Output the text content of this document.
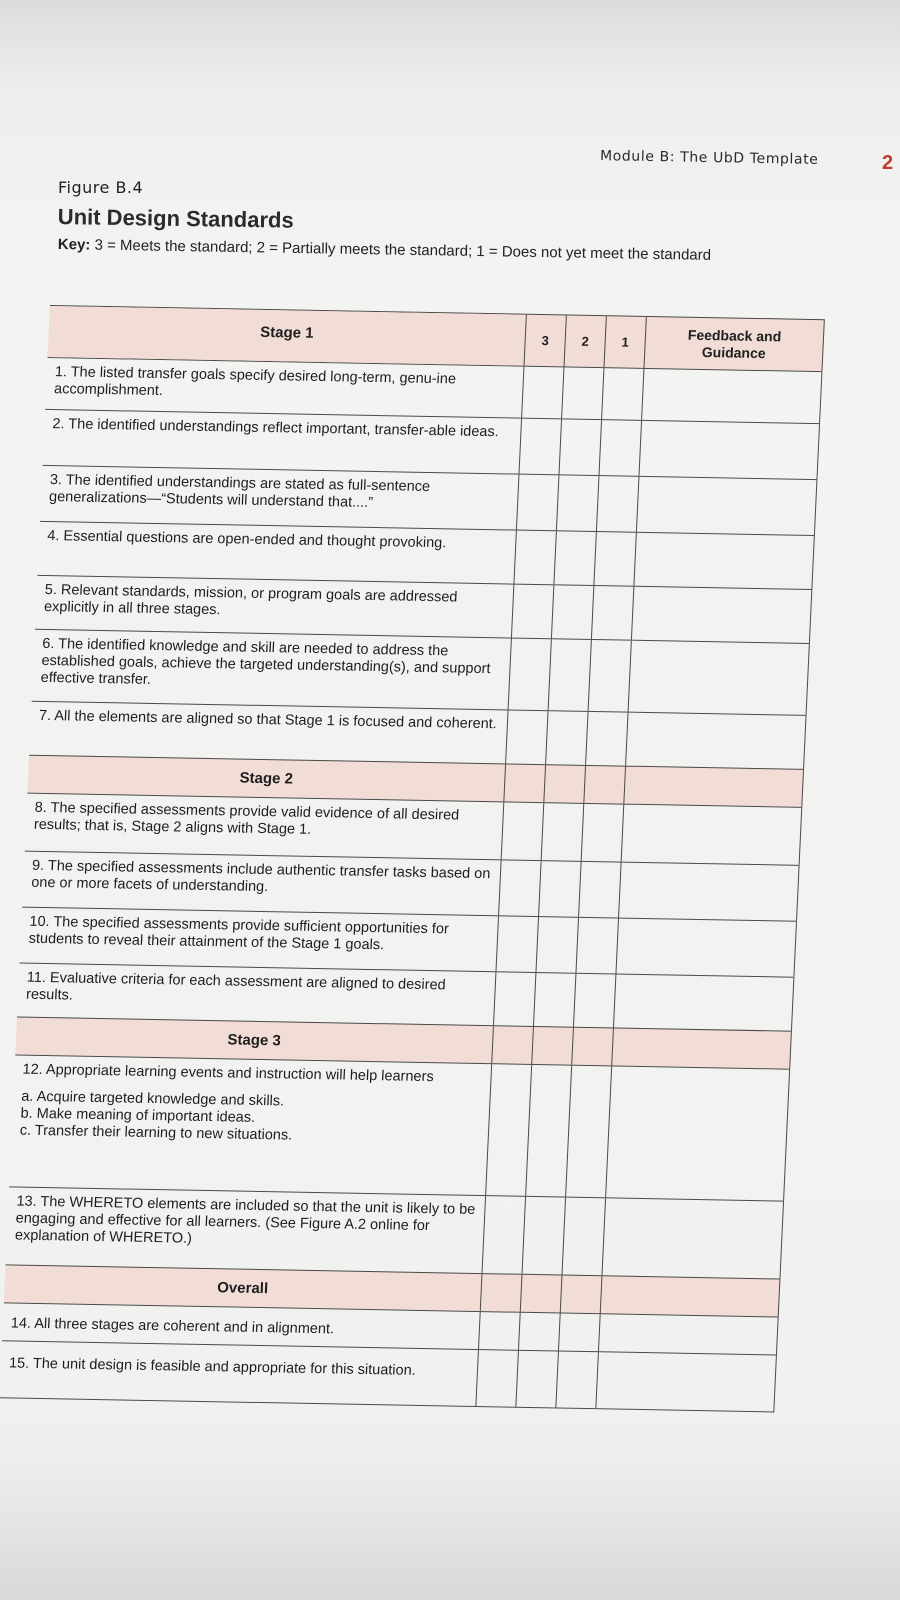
Module B: The UbD Template	2
Figure B.4
Unit Design Standards
Key: 3 = Meets the standard; 2 = Partially meets the standard; 1 = Does not yet meet the standard
Stage 1	3	2	1	Feedback and Guidance
1. The listed transfer goals specify desired long-term, genu-ine accomplishment.
2. The identified understandings reflect important, transfer-able ideas.
3. The identified understandings are stated as full-sentence generalizations—“Students will understand that....”
4. Essential questions are open-ended and thought provoking.
5. Relevant standards, mission, or program goals are addressed explicitly in all three stages.
6. The identified knowledge and skill are needed to address the established goals, achieve the targeted understanding(s), and support effective transfer.
7. All the elements are aligned so that Stage 1 is focused and coherent.
Stage 2
8. The specified assessments provide valid evidence of all desired results; that is, Stage 2 aligns with Stage 1.
9. The specified assessments include authentic transfer tasks based on one or more facets of understanding.
10. The specified assessments provide sufficient opportunities for students to reveal their attainment of the Stage 1 goals.
11. Evaluative criteria for each assessment are aligned to desired results.
Stage 3
12. Appropriate learning events and instruction will help learners
a. Acquire targeted knowledge and skills.
b. Make meaning of important ideas.
c. Transfer their learning to new situations.
13. The WHERETO elements are included so that the unit is likely to be engaging and effective for all learners. (See Figure A.2 online for explanation of WHERETO.)
Overall
14. All three stages are coherent and in alignment.
15. The unit design is feasible and appropriate for this situation.
